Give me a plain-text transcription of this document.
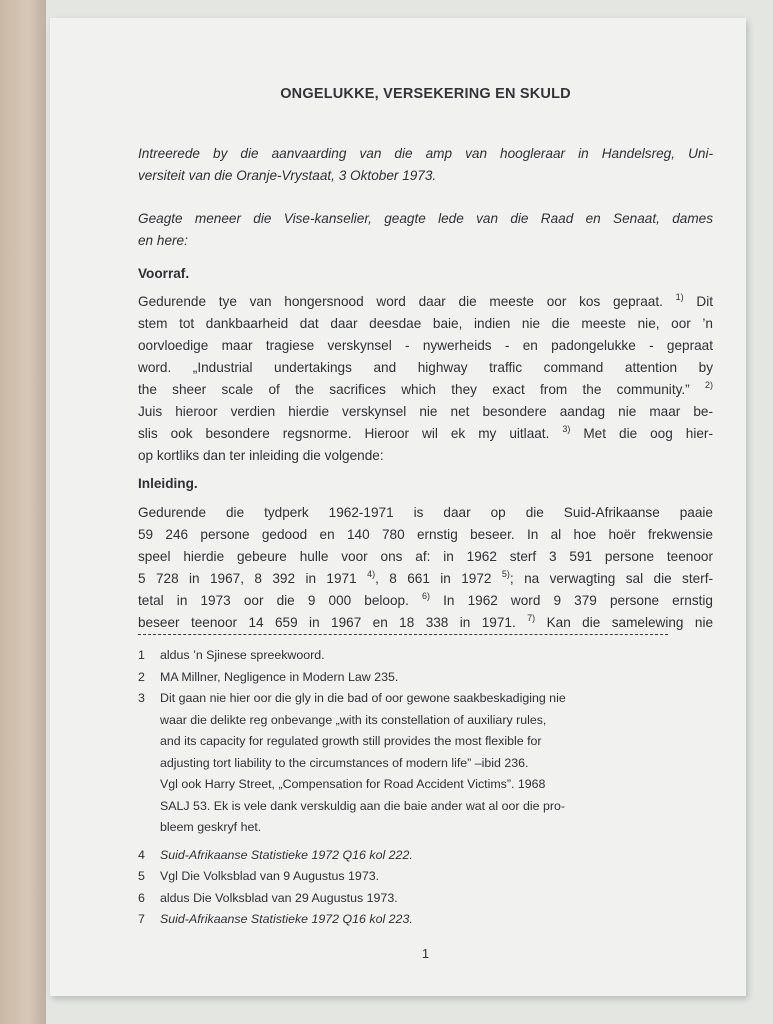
ONGELUKKE, VERSEKERING EN SKULD
Intreerede by die aanvaarding van die amp van hoogleraar in Handelsreg, Uni-
versiteit van die Oranje-Vrystaat, 3 Oktober 1973.
Geagte meneer die Vise-kanselier, geagte lede van die Raad en Senaat, dames
en here:
Voorraf.
Gedurende tye van hongersnood word daar die meeste oor kos gepraat. $^{1)}$ Dit
stem tot dankbaarheid dat daar deesdae baie, indien nie die meeste nie, oor ’n
oorvloedige maar tragiese verskynsel - nywerheids - en padongelukke - gepraat
word. „Industrial undertakings and highway traffic command attention by
the sheer scale of the sacrifices which they exact from the community.” $^{2)}$
Juis hieroor verdien hierdie verskynsel nie net besondere aandag nie maar be-
slis ook besondere regsnorme. Hieroor wil ek my uitlaat. $^{3)}$ Met die oog hier-
op kortliks dan ter inleiding die volgende:
Inleiding.
Gedurende die tydperk 1962-1971 is daar op die Suid-Afrikaanse paaie
59 246 persone gedood en 140 780 ernstig beseer. In al hoe hoër frekwensie
speel hierdie gebeure hulle voor ons af: in 1962 sterf 3 591 persone teenoor
5 728 in 1967, 8 392 in 1971 $^{4)}$, 8 661 in 1972 $^{5)}$; na verwagting sal die sterf-
tetal in 1973 oor die 9 000 beloop. $^{6)}$ In 1962 word 9 379 persone ernstig
beseer teenoor 14 659 in 1967 en 18 338 in 1971. $^{7)}$ Kan die samelewing nie
1	aldus ’n Sjinese spreekwoord.
2	MA Millner, Negligence in Modern Law 235.
3	Dit gaan nie hier oor die gly in die bad of oor gewone saakbeskadiging nie
waar die delikte reg onbevange „with its constellation of auxiliary rules,
and its capacity for regulated growth still provides the most flexible for
adjusting tort liability to the circumstances of modern life” –ibid 236.
Vgl ook Harry Street, „Compensation for Road Accident Victims”. 1968
SALJ 53. Ek is vele dank verskuldig aan die baie ander wat al oor die pro-
bleem geskryf het.
4	Suid-Afrikaanse Statistieke 1972 Q16 kol 222.
5	Vgl Die Volksblad van 9 Augustus 1973.
6	aldus Die Volksblad van 29 Augustus 1973.
7	Suid-Afrikaanse Statistieke 1972 Q16 kol 223.
1
